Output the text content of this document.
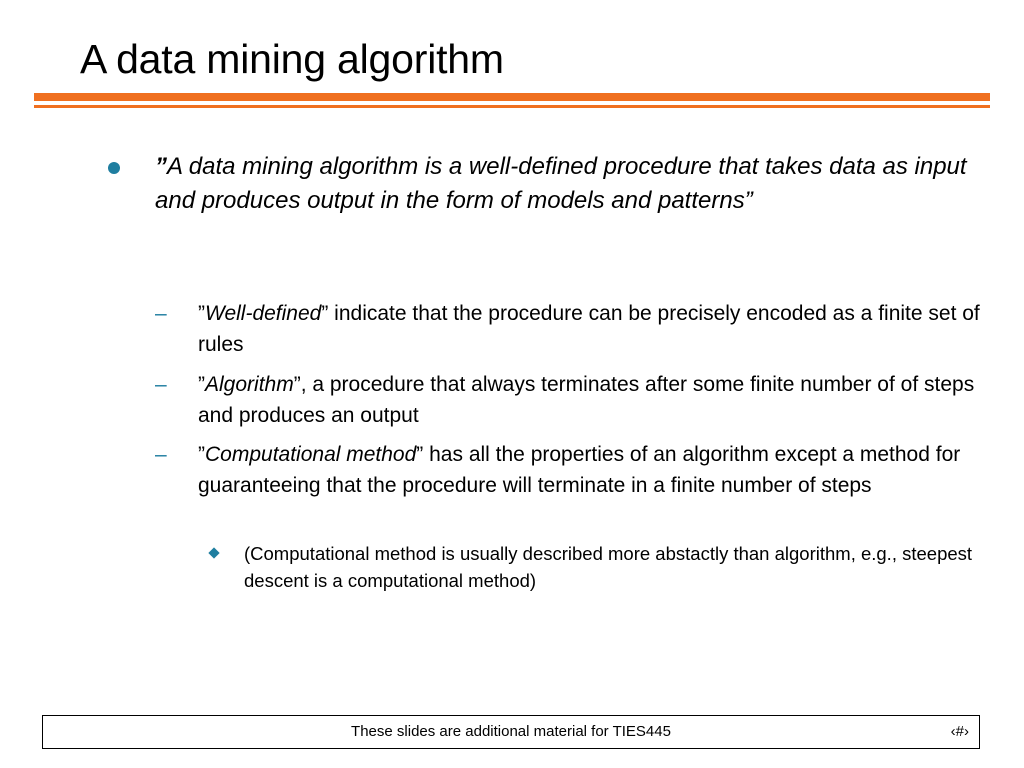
A data mining algorithm
”A data mining algorithm is a well-defined procedure that takes data as input and produces output in the form of models and patterns”
– ”Well-defined” indicate that the procedure can be precisely encoded as a finite set of rules
– ”Algorithm”, a procedure that always terminates after some finite number of of steps and produces an output
– ”Computational method” has all the properties of an algorithm except a method for guaranteeing that the procedure will terminate in a finite number of steps
(Computational method is usually described more abstactly than algorithm, e.g., steepest descent is a computational method)
These slides are additional material for TIES445	‹#›
